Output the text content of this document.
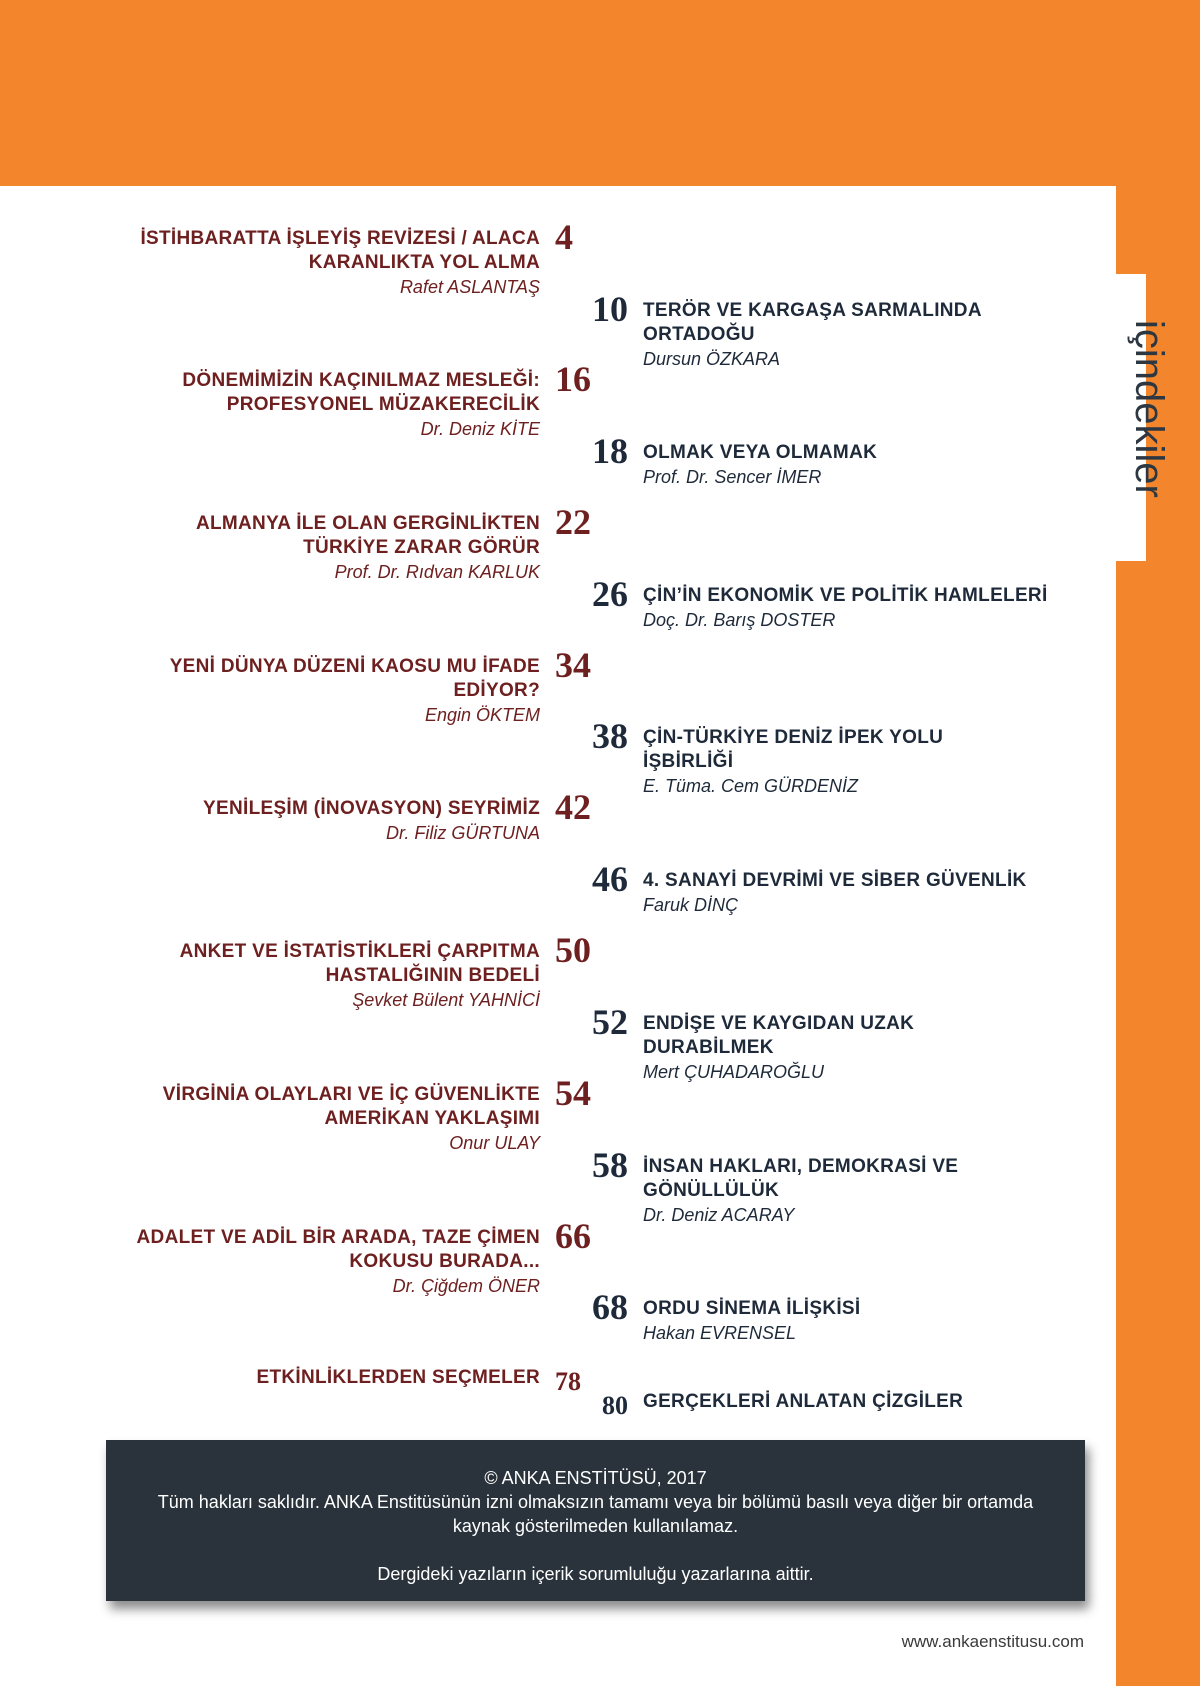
içindekiler
İSTİHBARATTA İŞLEYİŞ REVİZESİ / ALACA
KARANLIKTA YOL ALMA
Rafet ASLANTAŞ
4
DÖNEMİMİZİN KAÇINILMAZ MESLEĞİ:
PROFESYONEL MÜZAKERECİLİK
Dr. Deniz KİTE
16
ALMANYA İLE OLAN GERGİNLİKTEN
TÜRKİYE ZARAR GÖRÜR
Prof. Dr. Rıdvan KARLUK
22
YENİ DÜNYA DÜZENİ KAOSU MU İFADE
EDİYOR?
Engin ÖKTEM
34
YENİLEŞİM (İNOVASYON) SEYRİMİZ
Dr. Filiz GÜRTUNA
42
ANKET VE İSTATİSTİKLERİ ÇARPITMA
HASTALIĞININ BEDELİ
Şevket Bülent YAHNİCİ
50
VİRGİNİA OLAYLARI VE İÇ GÜVENLİKTE
AMERİKAN YAKLAŞIMI
Onur ULAY
54
ADALET VE ADİL BİR ARADA, TAZE ÇİMEN
KOKUSU BURADA...
Dr. Çiğdem ÖNER
66
ETKİNLİKLERDEN SEÇMELER 78
TERÖR VE KARGAŞA SARMALINDA
ORTADOĞU
Dursun ÖZKARA
10
OLMAK VEYA OLMAMAK
Prof. Dr. Sencer İMER
18
ÇİN’İN EKONOMİK VE POLİTİK HAMLELERİ
Doç. Dr. Barış DOSTER
26
ÇİN-TÜRKİYE DENİZ İPEK YOLU
İŞBİRLİĞİ
E. Tüma. Cem GÜRDENİZ
38
4. SANAYİ DEVRİMİ VE SİBER GÜVENLİK
Faruk DİNÇ
46
ENDİŞE VE KAYGIDAN UZAK
DURABİLMEK
Mert ÇUHADAROĞLU
52
İNSAN HAKLARI, DEMOKRASİ VE
GÖNÜLLÜLÜK
Dr. Deniz ACARAY
58
ORDU SİNEMA İLİŞKİSİ
Hakan EVRENSEL
68
GERÇEKLERİ ANLATAN ÇİZGİLER
80

© ANKA ENSTİTÜSÜ, 2017

Tüm hakları saklıdır. ANKA Enstitüsünün izni olmaksızın tamamı veya bir bölümü basılı veya diğer bir ortamda

kaynak gösterilmeden kullanılamaz.

Dergideki yazıların içerik sorumluluğu yazarlarına aittir.

www.ankaenstitusu.com
